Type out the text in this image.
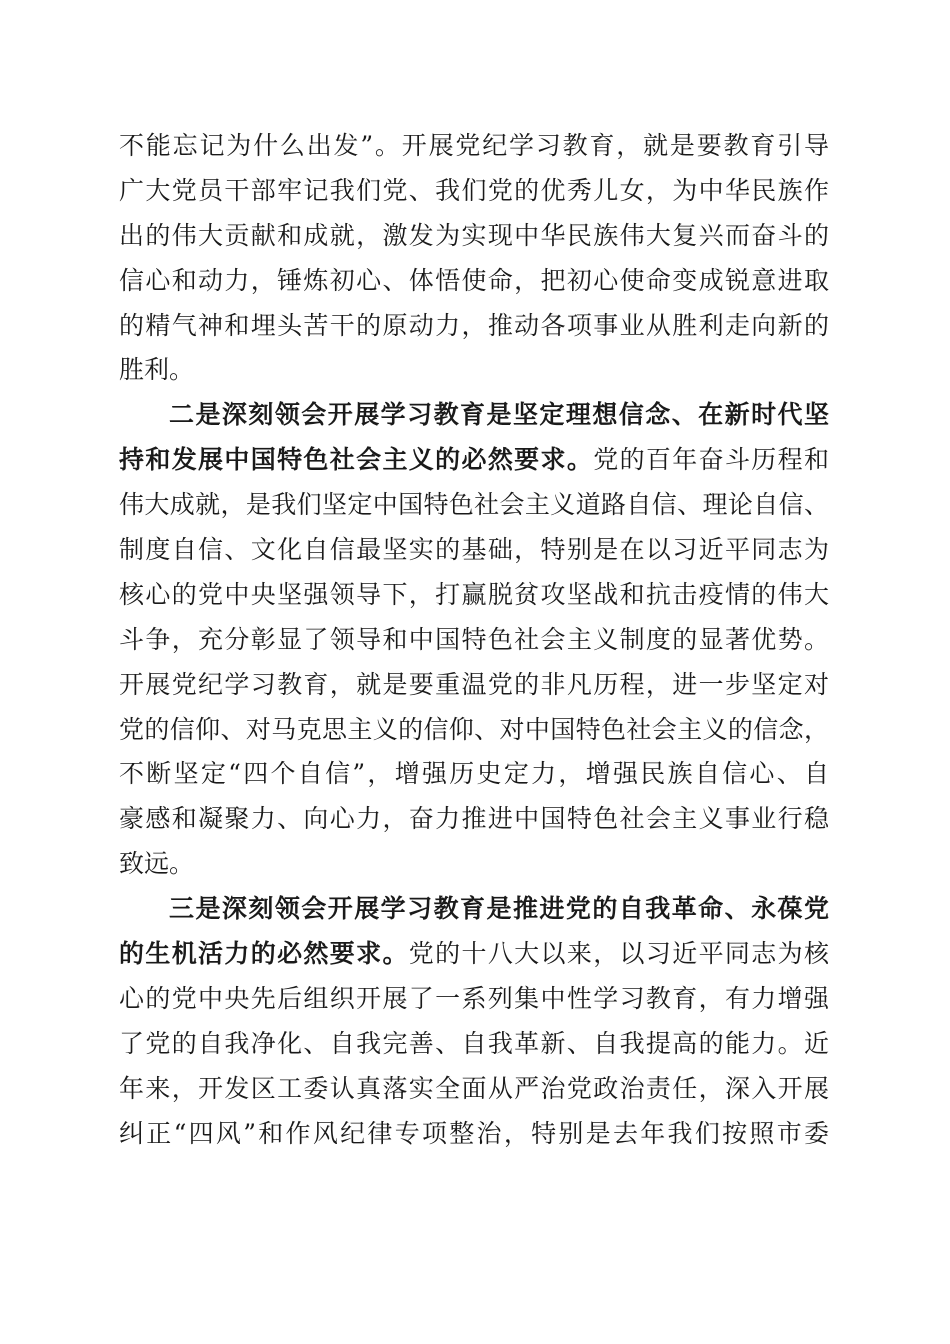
不能忘记为什么出发”。开展党纪学习教育，就是要教育引导
广大党员干部牢记我们党、我们党的优秀儿女，为中华民族作
出的伟大贡献和成就，激发为实现中华民族伟大复兴而奋斗的
信心和动力，锤炼初心、体悟使命，把初心使命变成锐意进取
的精气神和埋头苦干的原动力，推动各项事业从胜利走向新的
胜利。
二是深刻领会开展学习教育是坚定理想信念、在新时代坚
持和发展中国特色社会主义的必然要求。党的百年奋斗历程和
伟大成就，是我们坚定中国特色社会主义道路自信、理论自信、
制度自信、文化自信最坚实的基础，特别是在以习近平同志为
核心的党中央坚强领导下，打赢脱贫攻坚战和抗击疫情的伟大
斗争，充分彰显了领导和中国特色社会主义制度的显著优势。
开展党纪学习教育，就是要重温党的非凡历程，进一步坚定对
党的信仰、对马克思主义的信仰、对中国特色社会主义的信念，
不断坚定“四个自信”，增强历史定力，增强民族自信心、自
豪感和凝聚力、向心力，奋力推进中国特色社会主义事业行稳
致远。
三是深刻领会开展学习教育是推进党的自我革命、永葆党
的生机活力的必然要求。党的十八大以来，以习近平同志为核
心的党中央先后组织开展了一系列集中性学习教育，有力增强
了党的自我净化、自我完善、自我革新、自我提高的能力。近
年来，开发区工委认真落实全面从严治党政治责任，深入开展
纠正“四风”和作风纪律专项整治，特别是去年我们按照市委
